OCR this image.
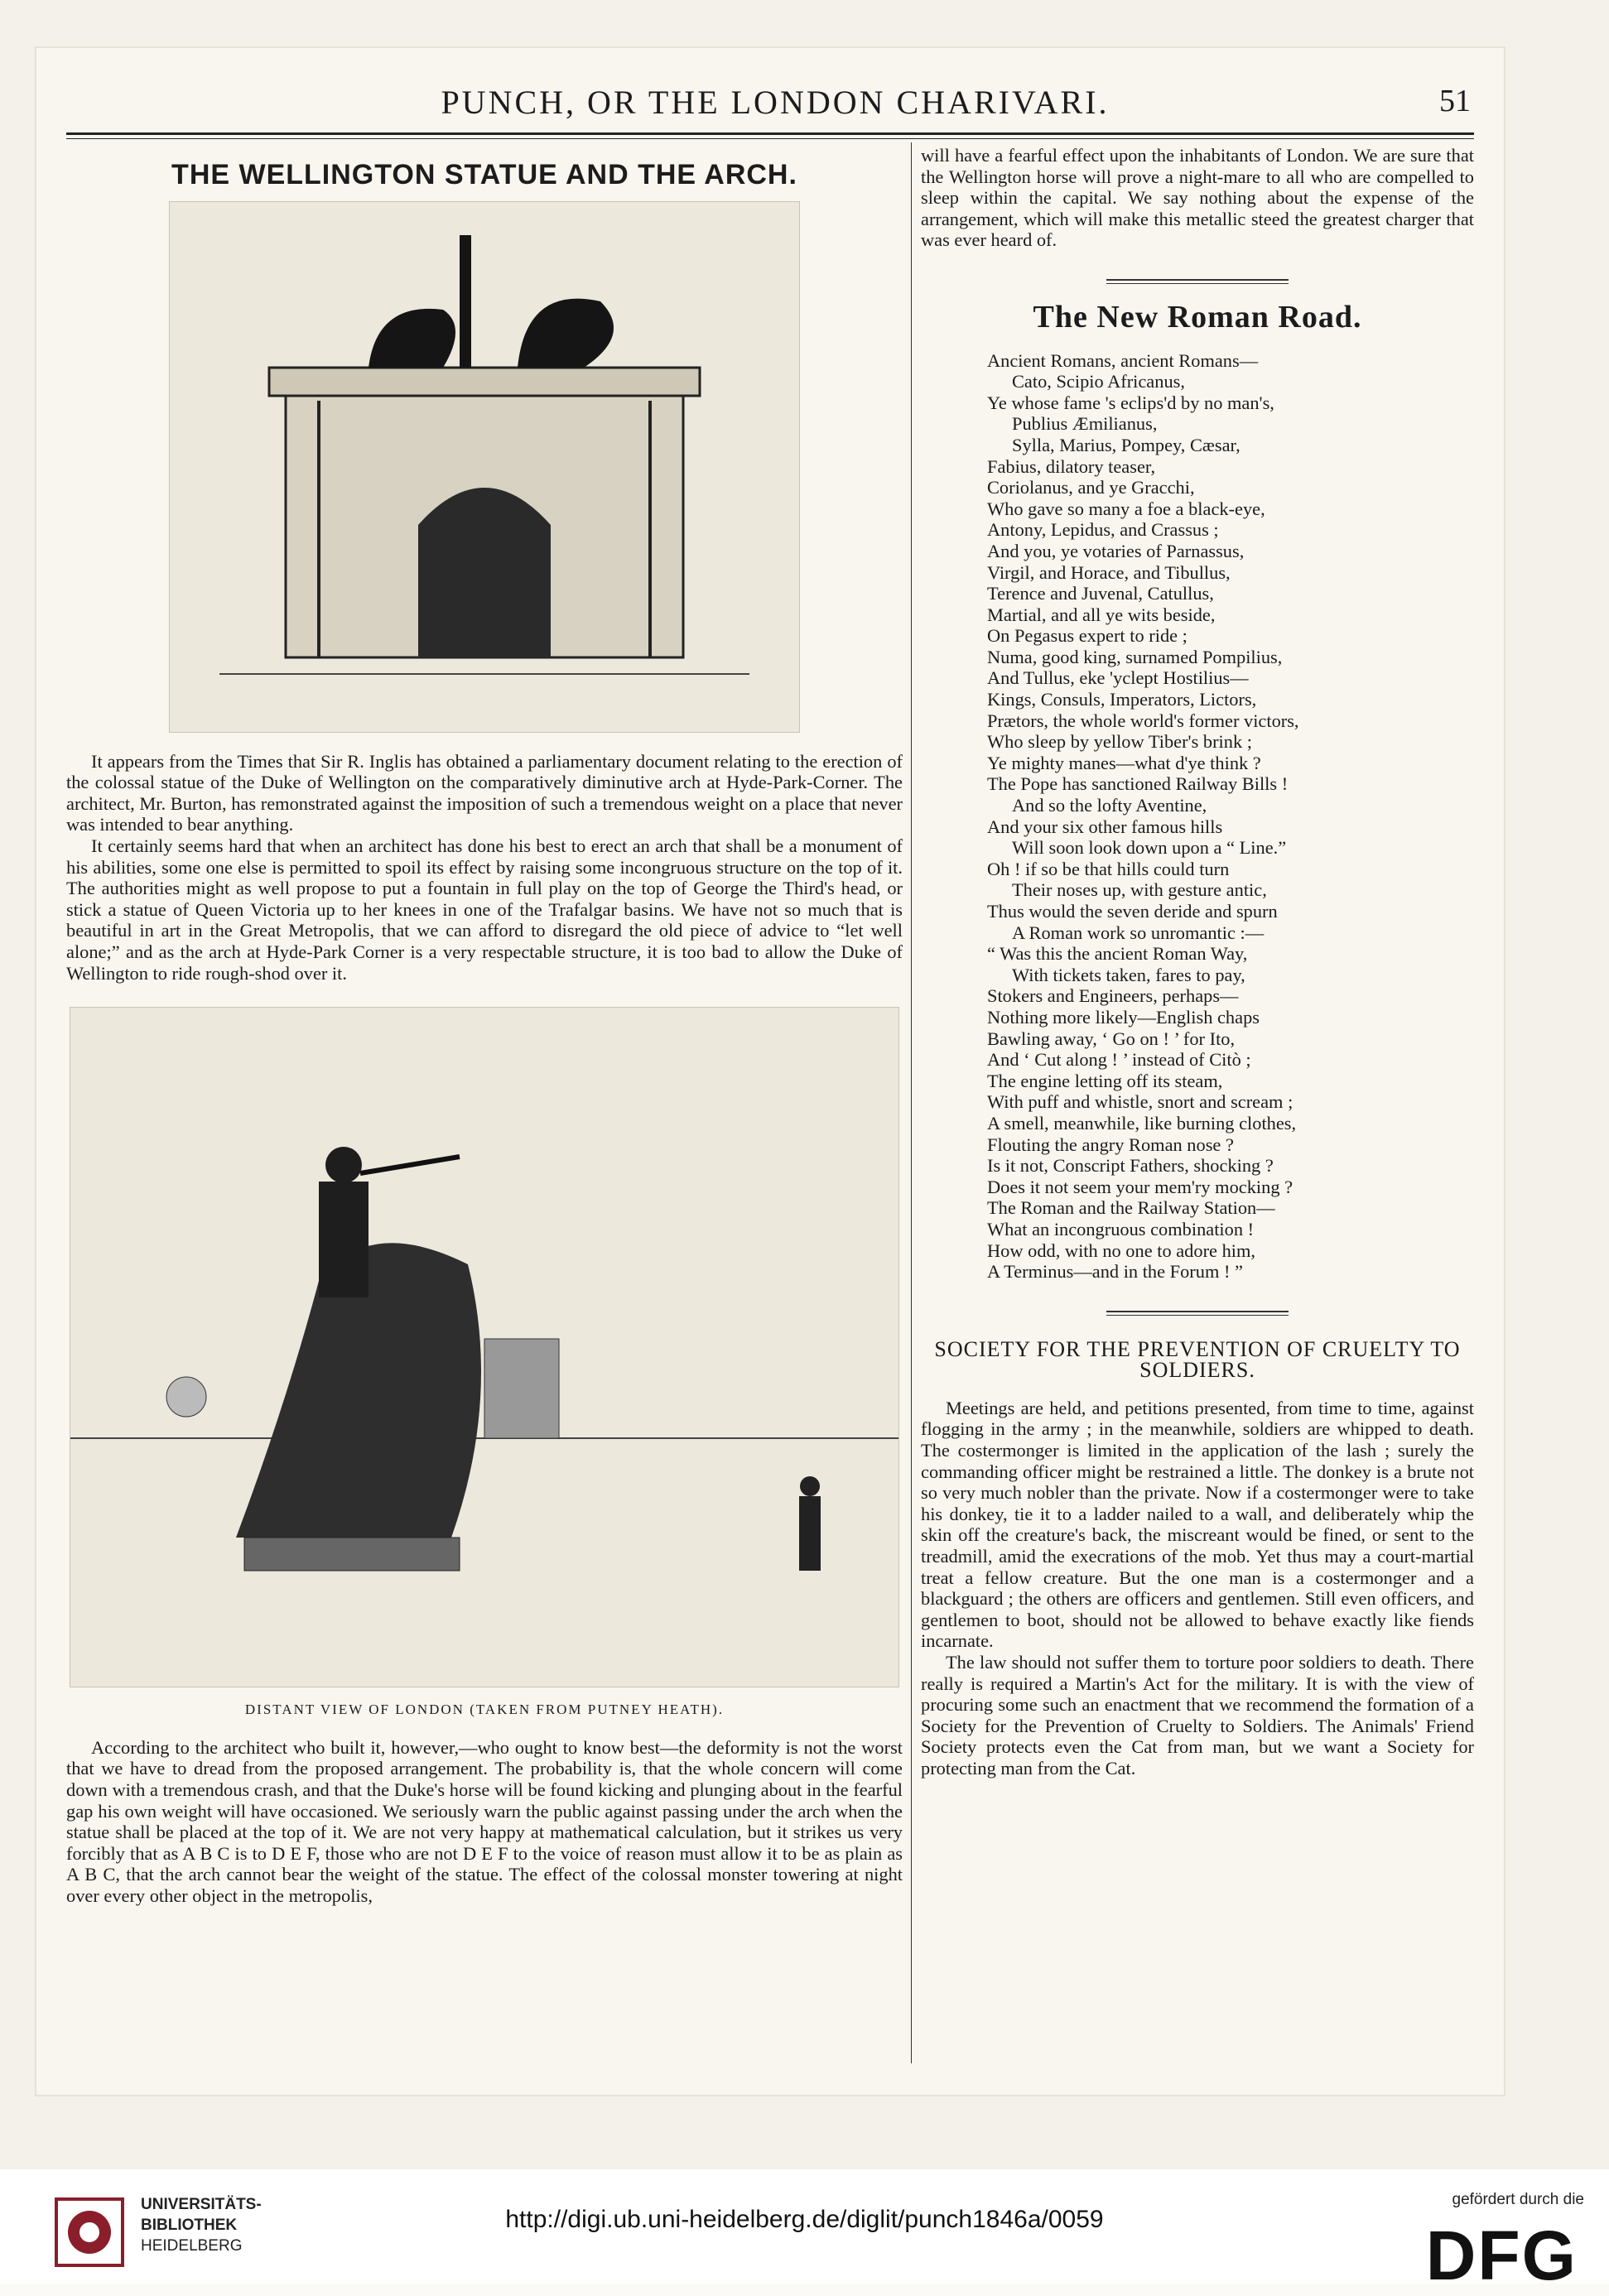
PUNCH, OR THE LONDON CHARIVARI.	51
THE WELLINGTON STATUE AND THE ARCH.

It appears from the Times that Sir R. Inglis has obtained a parliamentary document relating to the erection of the colossal statue of the Duke of Wellington on the comparatively diminutive arch at Hyde-Park-Corner. The architect, Mr. Burton, has remonstrated against the imposition of such a tremendous weight on a place that never was intended to bear anything.

It certainly seems hard that when an architect has done his best to erect an arch that shall be a monument of his abilities, some one else is permitted to spoil its effect by raising some incongruous structure on the top of it. The authorities might as well propose to put a fountain in full play on the top of George the Third's head, or stick a statue of Queen Victoria up to her knees in one of the Trafalgar basins. We have not so much that is beautiful in art in the Great Metropolis, that we can afford to disregard the old piece of advice to “let well alone;” and as the arch at Hyde-Park Corner is a very respectable structure, it is too bad to allow the Duke of Wellington to ride rough-shod over it.

DISTANT VIEW OF LONDON (TAKEN FROM PUTNEY HEATH).

According to the architect who built it, however,—who ought to know best—the deformity is not the worst that we have to dread from the proposed arrangement. The probability is, that the whole concern will come down with a tremendous crash, and that the Duke's horse will be found kicking and plunging about in the fearful gap his own weight will have occasioned. We seriously warn the public against passing under the arch when the statue shall be placed at the top of it. We are not very happy at mathematical calculation, but it strikes us very forcibly that as A B C is to D E F, those who are not D E F to the voice of reason must allow it to be as plain as A B C, that the arch cannot bear the weight of the statue. The effect of the colossal monster towering at night over every other object in the metropolis,

will have a fearful effect upon the inhabitants of London. We are sure that the Wellington horse will prove a night-mare to all who are compelled to sleep within the capital. We say nothing about the expense of the arrangement, which will make this metallic steed the greatest charger that was ever heard of.

The New Roman Road.
Ancient Romans, ancient Romans—
Cato, Scipio Africanus,
Ye whose fame 's eclips'd by no man's,
Publius Æmilianus,
Sylla, Marius, Pompey, Cæsar,
Fabius, dilatory teaser,
Coriolanus, and ye Gracchi,
Who gave so many a foe a black-eye,
Antony, Lepidus, and Crassus ;
And you, ye votaries of Parnassus,
Virgil, and Horace, and Tibullus,
Terence and Juvenal, Catullus,
Martial, and all ye wits beside,
On Pegasus expert to ride ;
Numa, good king, surnamed Pompilius,
And Tullus, eke 'yclept Hostilius—
Kings, Consuls, Imperators, Lictors,
Prætors, the whole world's former victors,
Who sleep by yellow Tiber's brink ;
Ye mighty manes—what d'ye think ?
The Pope has sanctioned Railway Bills !
And so the lofty Aventine,
And your six other famous hills
Will soon look down upon a “ Line.”
Oh ! if so be that hills could turn
Their noses up, with gesture antic,
Thus would the seven deride and spurn
A Roman work so unromantic :—
“ Was this the ancient Roman Way,
With tickets taken, fares to pay,
Stokers and Engineers, perhaps—
Nothing more likely—English chaps
Bawling away, ‘ Go on ! ’ for Ito,
And ‘ Cut along ! ’ instead of Citò ;
The engine letting off its steam,
With puff and whistle, snort and scream ;
A smell, meanwhile, like burning clothes,
Flouting the angry Roman nose ?
Is it not, Conscript Fathers, shocking ?
Does it not seem your mem'ry mocking ?
The Roman and the Railway Station—
What an incongruous combination !
How odd, with no one to adore him,
A Terminus—and in the Forum ! ”
SOCIETY FOR THE PREVENTION OF CRUELTY TO SOLDIERS.

Meetings are held, and petitions presented, from time to time, against flogging in the army ; in the meanwhile, soldiers are whipped to death. The costermonger is limited in the application of the lash ; surely the commanding officer might be restrained a little. The donkey is a brute not so very much nobler than the private. Now if a costermonger were to take his donkey, tie it to a ladder nailed to a wall, and deliberately whip the skin off the creature's back, the miscreant would be fined, or sent to the treadmill, amid the execrations of the mob. Yet thus may a court-martial treat a fellow creature. But the one man is a costermonger and a blackguard ; the others are officers and gentlemen. Still even officers, and gentlemen to boot, should not be allowed to behave exactly like fiends incarnate.

The law should not suffer them to torture poor soldiers to death. There really is required a Martin's Act for the military. It is with the view of procuring some such an enactment that we recommend the formation of a Society for the Prevention of Cruelty to Soldiers. The Animals' Friend Society protects even the Cat from man, but we want a Society for protecting man from the Cat.

UNIVERSITÄTS-
BIBLIOTHEK
HEIDELBERG
http://digi.ub.uni-heidelberg.de/diglit/punch1846a/0059
gefördert durch die
DFG
